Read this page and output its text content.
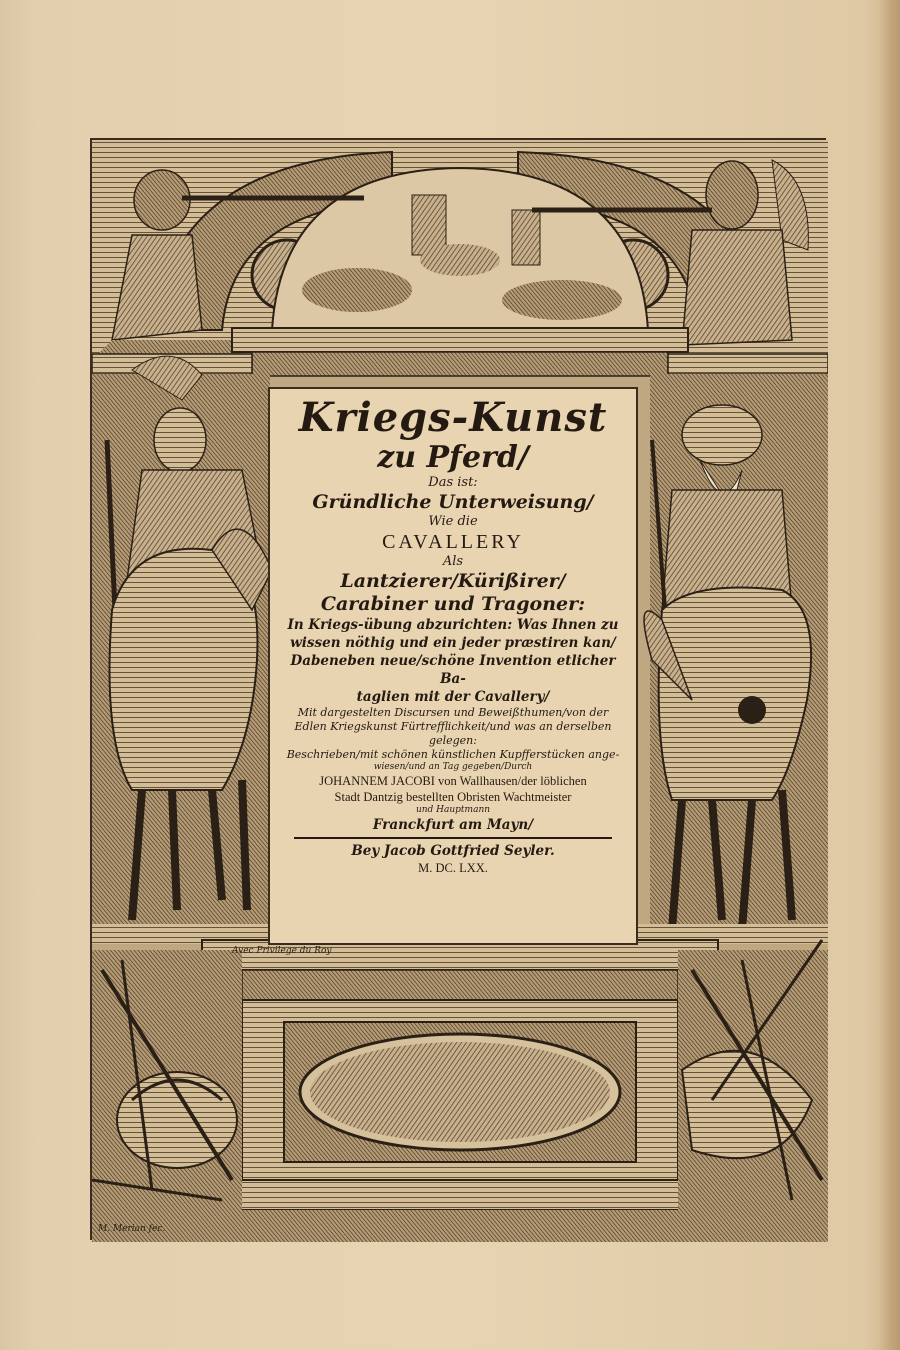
Avec Privilege du Roy
M. Merian fec.
Kriegs-Kunst
zu Pferd/
Das ist:
Gründliche Unterweisung/
Wie die
CAVALLERY
Als
Lantzierer/Kürißirer/
Carabiner und Tragoner:
In Kriegs-übung abzurichten: Was Ihnen zu
wissen nöthig und ein jeder præstiren kan/
Dabeneben neue/schöne Invention etlicher Ba-
taglien mit der Cavallery/
Mit dargestelten Discursen und Beweißthumen/von der
Edlen Kriegskunst Fürtrefflichkeit/und was an derselben
gelegen:
Beschrieben/mit schönen künstlichen Kupfferstücken ange-
wiesen/und an Tag gegeben/Durch
JOHANNEM JACOBI von Wallhausen/der löblichen
Stadt Dantzig bestellten Obristen Wachtmeister
und Hauptmann
Franckfurt am Mayn/
Bey Jacob Gottfried Seyler.
M. DC. LXX.
